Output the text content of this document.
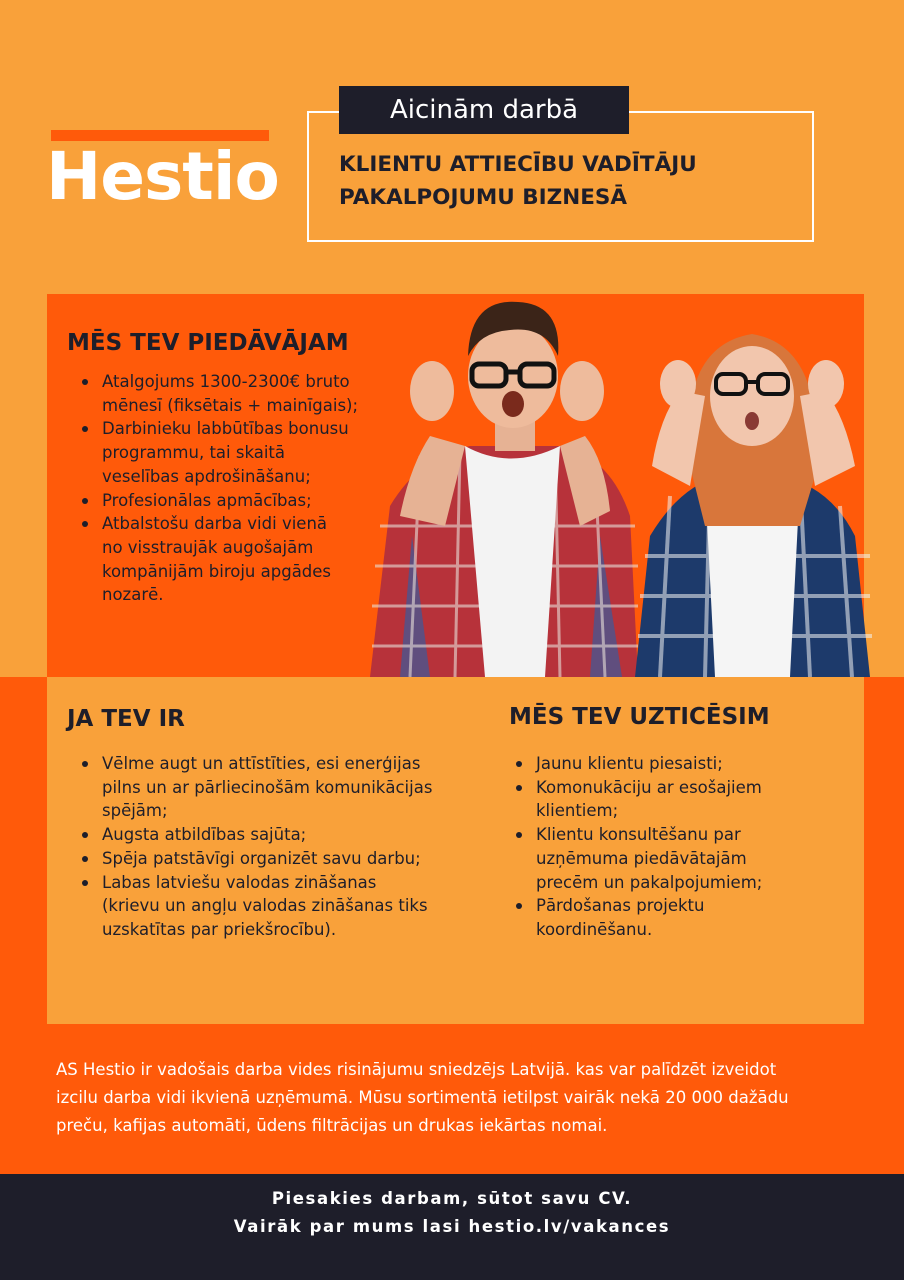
Hestio
Aicinām darbā
KLIENTU ATTIECĪBU VADĪTĀJU
PAKALPOJUMU BIZNESĀ
MĒS TEV PIEDĀVĀJAM
Atalgojums 1300-2300€ bruto
mēnesī (fiksētais + mainīgais);
Darbinieku labbūtības bonusu
programmu, tai skaitā
veselības apdrošināšanu;
Profesionālas apmācības;
Atbalstošu darba vidi vienā
no visstraujāk augošajām
kompānijām biroju apgādes
nozarē.
JA TEV IR
Vēlme augt un attīstīties, esi enerģijas
pilns un ar pārliecinošām komunikācijas
spējām;
Augsta atbildības sajūta;
Spēja patstāvīgi organizēt savu darbu;
Labas latviešu valodas zināšanas
(krievu un angļu valodas zināšanas tiks
uzskatītas par priekšrocību).
MĒS TEV UZTICĒSIM
Jaunu klientu piesaisti;
Komonukāciju ar esošajiem
klientiem;
Klientu konsultēšanu par
uzņēmuma piedāvātajām
precēm un pakalpojumiem;
Pārdošanas projektu
koordinēšanu.
AS Hestio ir vadošais darba vides risinājumu sniedzējs Latvijā. kas var palīdzēt izveidot
izcilu darba vidi ikvienā uzņēmumā. Mūsu sortimentā ietilpst vairāk nekā 20 000 dažādu
preču, kafijas automāti, ūdens filtrācijas un drukas iekārtas nomai.
Piesakies darbam, sūtot savu CV.
Vairāk par mums lasi hestio.lv/vakances
